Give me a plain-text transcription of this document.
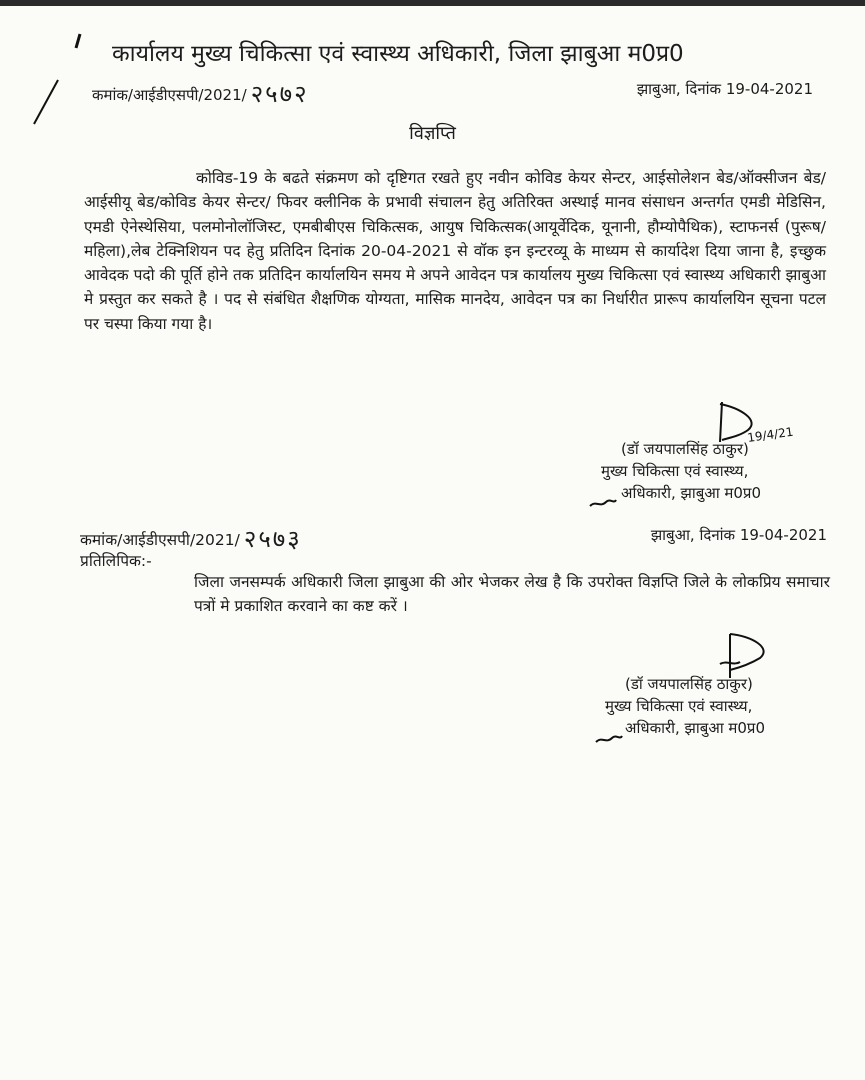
कार्यालय मुख्य चिकित्सा एवं स्वास्थ्य अधिकारी, जिला झाबुआ म0प्र0
कमांक/आईडीएसपी/2021/ २५७२	झाबुआ, दिनांक 19-04-2021
विज्ञप्ति
कोविड-19 के बढते संक्रमण को दृष्टिगत रखते हुए नवीन कोविड केयर सेन्टर, आईसोलेशन बेड/ऑक्सीजन बेड/आईसीयू बेड/कोविड केयर सेन्टर/ फिवर क्लीनिक के प्रभावी संचालन हेतु अतिरिक्त अस्थाई मानव संसाधन अन्तर्गत एमडी मेडिसिन, एमडी ऐनेस्थेसिया, पलमोनोलॉजिस्ट, एमबीबीएस चिकित्सक, आयुष चिकित्सक(आयूर्वेदिक, यूनानी, हौम्योपैथिक), स्टाफनर्स (पुरूष/महिला),लेब टेक्निशियन पद हेतु प्रतिदिन दिनांक 20-04-2021 से वॉक इन इन्टरव्यू के माध्यम से कार्यादेश दिया जाना है, इच्छुक आवेदक पदो की पूर्ति होने तक प्रतिदिन कार्यालयिन समय मे अपने आवेदन पत्र कार्यालय मुख्य चिकित्सा एवं स्वास्थ्य अधिकारी झाबुआ मे प्रस्तुत कर सकते है । पद से संबंधित शैक्षणिक योग्यता, मासिक मानदेय, आवेदन पत्र का निर्धारीत प्रारूप कार्यालयिन सूचना पटल पर चस्पा किया गया है।
19/4/21
(डॉ जयपालसिंह ठाकुर)
मुख्य चिकित्सा एवं स्वास्थ्य,
अधिकारी, झाबुआ म0प्र0
कमांक/आईडीएसपी/2021/ २५७३	झाबुआ, दिनांक 19-04-2021
प्रतिलिपिक:-
जिला जनसम्पर्क अधिकारी जिला झाबुआ की ओर भेजकर लेख है कि उपरोक्त विज्ञप्ति जिले के लोकप्रिय समाचार पत्रों मे प्रकाशित करवाने का कष्ट करें ।
(डॉ जयपालसिंह ठाकुर)
मुख्य चिकित्सा एवं स्वास्थ्य,
अधिकारी, झाबुआ म0प्र0
